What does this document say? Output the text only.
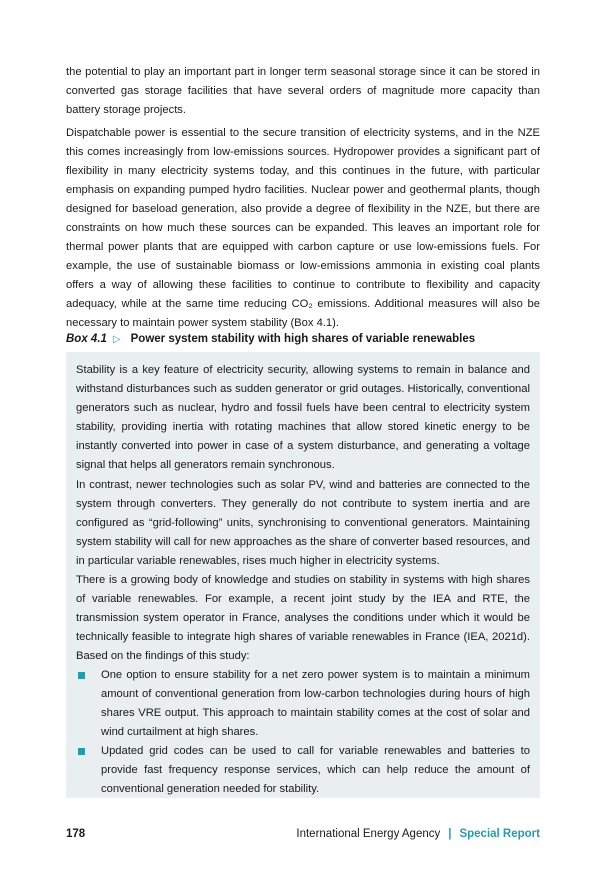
the potential to play an important part in longer term seasonal storage since it can be stored in converted gas storage facilities that have several orders of magnitude more capacity than battery storage projects.

Dispatchable power is essential to the secure transition of electricity systems, and in the NZE this comes increasingly from low‑emissions sources. Hydropower provides a significant part of flexibility in many electricity systems today, and this continues in the future, with particular emphasis on expanding pumped hydro facilities. Nuclear power and geothermal plants, though designed for baseload generation, also provide a degree of flexibility in the NZE, but there are constraints on how much these sources can be expanded. This leaves an important role for thermal power plants that are equipped with carbon capture or use low-emissions fuels. For example, the use of sustainable biomass or low‑emissions ammonia in existing coal plants offers a way of allowing these facilities to continue to contribute to flexibility and capacity adequacy, while at the same time reducing CO₂ emissions. Additional measures will also be necessary to maintain power system stability (Box 4.1).

Box 4.1 ▷ Power system stability with high shares of variable renewables

Stability is a key feature of electricity security, allowing systems to remain in balance and withstand disturbances such as sudden generator or grid outages. Historically, conventional generators such as nuclear, hydro and fossil fuels have been central to electricity system stability, providing inertia with rotating machines that allow stored kinetic energy to be instantly converted into power in case of a system disturbance, and generating a voltage signal that helps all generators remain synchronous.

In contrast, newer technologies such as solar PV, wind and batteries are connected to the system through converters. They generally do not contribute to system inertia and are configured as “grid-following” units, synchronising to conventional generators. Maintaining system stability will call for new approaches as the share of converter based resources, and in particular variable renewables, rises much higher in electricity systems.

There is a growing body of knowledge and studies on stability in systems with high shares of variable renewables. For example, a recent joint study by the IEA and RTE, the transmission system operator in France, analyses the conditions under which it would be technically feasible to integrate high shares of variable renewables in France (IEA, 2021d). Based on the findings of this study:

One option to ensure stability for a net zero power system is to maintain a minimum amount of conventional generation from low-carbon technologies during hours of high shares VRE output. This approach to maintain stability comes at the cost of solar and wind curtailment at high shares.

Updated grid codes can be used to call for variable renewables and batteries to provide fast frequency response services, which can help reduce the amount of conventional generation needed for stability.

178	International Energy Agency | Special Report
